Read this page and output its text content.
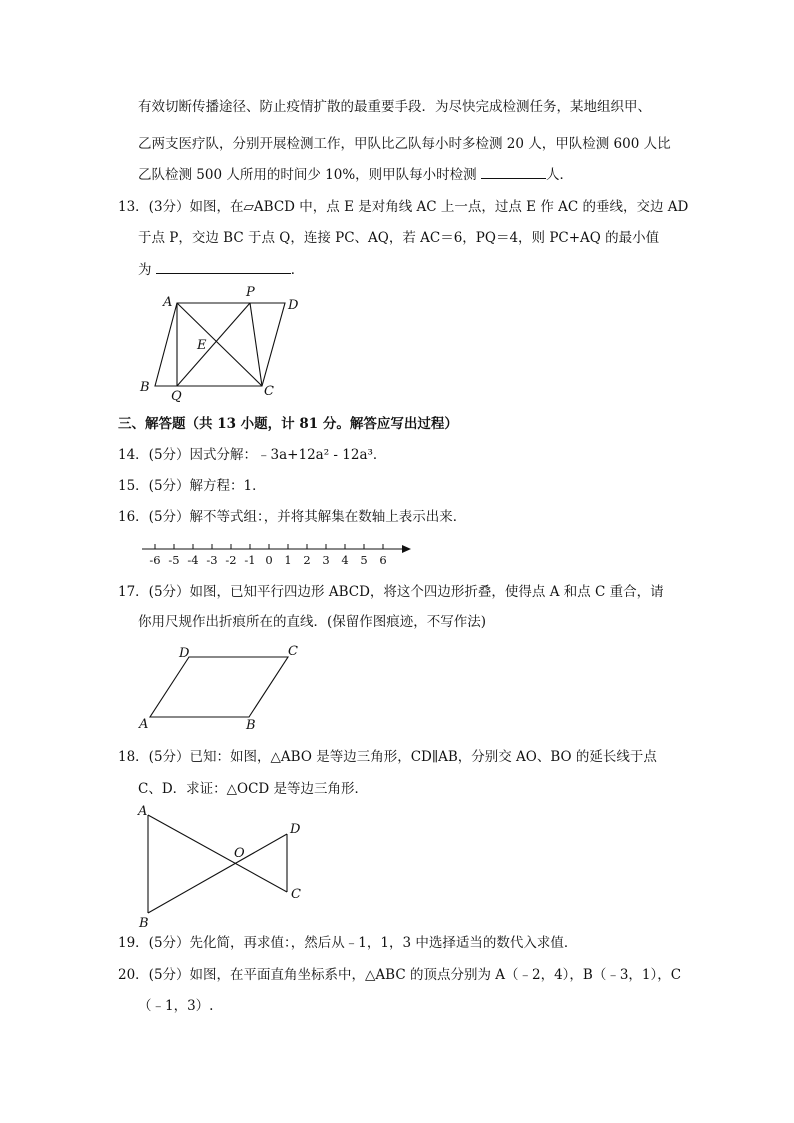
有效切断传播途径、防止疫情扩散的最重要手段．为尽快完成检测任务，某地组织甲、
乙两支医疗队，分别开展检测工作，甲队比乙队每小时多检测 20 人，甲队检测 600 人比
乙队检测 500 人所用的时间少 10%，则甲队每小时检测	人．
13．(3分）如图，在▱ABCD 中，点 E 是对角线 AC 上一点，过点 E 作 AC 的垂线，交边 AD
于点 P，交边 BC 于点 Q，连接 PC、AQ，若 AC＝6，PQ＝4，则 PC+AQ 的最小值
为	．
A
P
D
E
B
Q	C
三、解答题（共 13 小题，计 81 分。解答应写出过程）
14．(5分）因式分解：﹣3a+12a² - 12a³．
15．(5分）解方程：1．
16．(5分）解不等式组：，并将其解集在数轴上表示出来．
-6 -5 -4 -3 -2 -1 0 1 2 3 4 5 6
17．(5分）如图，已知平行四边形 ABCD，将这个四边形折叠，使得点 A 和点 C 重合，请
你用尺规作出折痕所在的直线．(保留作图痕迹，不写作法)
D	C
A	B
18．(5分）已知：如图，△ABO 是等边三角形，CD∥AB，分别交 AO、BO 的延长线于点
C、D．求证：△OCD 是等边三角形．
A
O
D
C
B
19．(5分）先化简，再求值：，然后从﹣1，1，3 中选择适当的数代入求值．
20．(5分）如图，在平面直角坐标系中，△ABC 的顶点分别为 A（﹣2，4），B（﹣3，1），C
（﹣1，3）.
